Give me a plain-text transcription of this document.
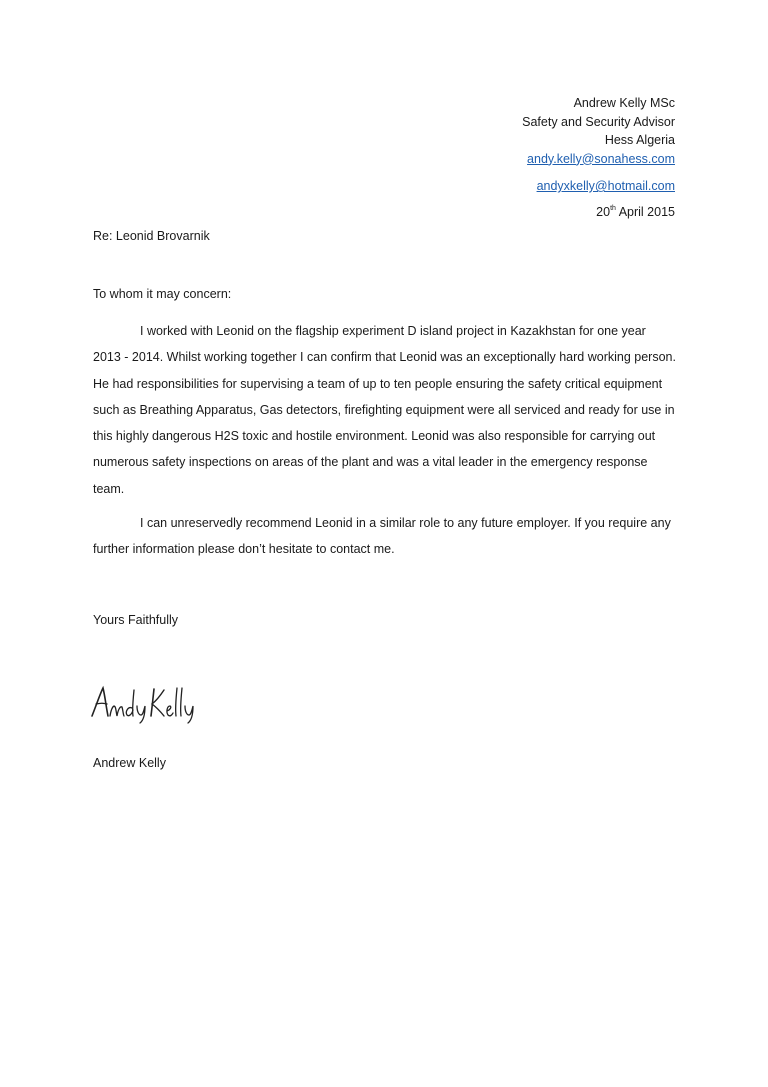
Andrew Kelly MSc
Safety and Security Advisor
Hess Algeria
andy.kelly@sonahess.com
andyxkelly@hotmail.com
20th April 2015
Re: Leonid Brovarnik
To whom it may concern:

I worked with Leonid on the flagship experiment D island project in Kazakhstan for one year 2013 - 2014. Whilst working together I can confirm that Leonid was an exceptionally hard working person. He had responsibilities for supervising a team of up to ten people ensuring the safety critical equipment such as Breathing Apparatus, Gas detectors, firefighting equipment were all serviced and ready for use in this highly dangerous H2S toxic and hostile environment. Leonid was also responsible for carrying out numerous safety inspections on areas of the plant and was a vital leader in the emergency response team.

I can unreservedly recommend Leonid in a similar role to any future employer. If you require any further information please don’t hesitate to contact me.

Yours Faithfully
Andrew Kelly
